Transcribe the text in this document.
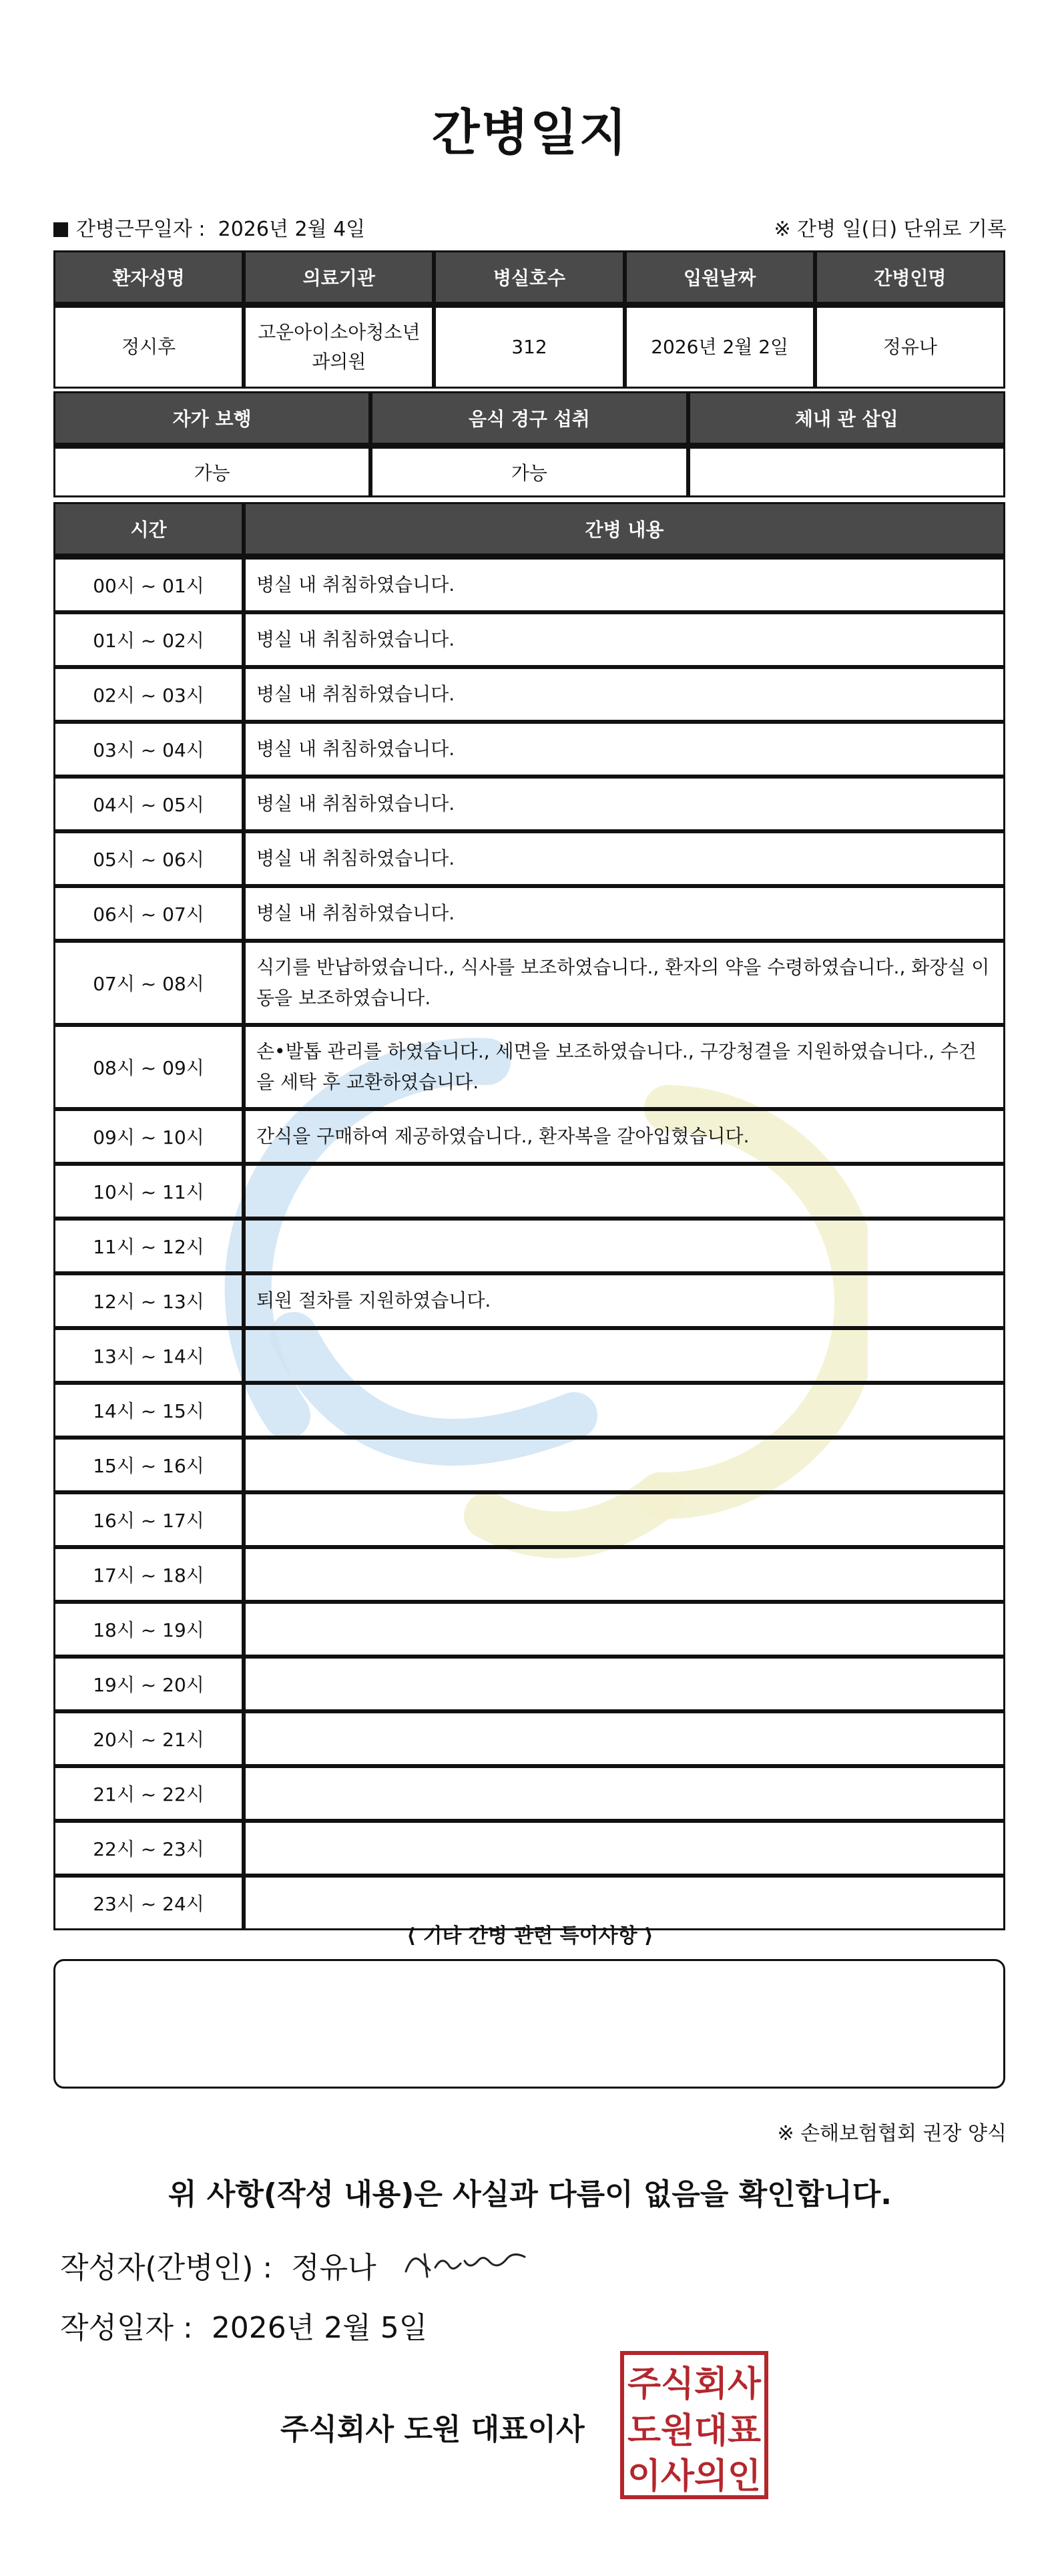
간병일지
간병근무일자 : 2026년 2월 4일	※ 간병 일(日) 단위로 기록
환자성명	의료기관	병실호수	입원날짜	간병인명
정시후	고운아이소아청소년과의원	312	2026년 2월 2일	정유나
자가 보행	음식 경구 섭취	체내 관 삽입
가능	가능	
시간	간병 내용
00시 ~ 01시	병실 내 취침하였습니다.
01시 ~ 02시	병실 내 취침하였습니다.
02시 ~ 03시	병실 내 취침하였습니다.
03시 ~ 04시	병실 내 취침하였습니다.
04시 ~ 05시	병실 내 취침하였습니다.
05시 ~ 06시	병실 내 취침하였습니다.
06시 ~ 07시	병실 내 취침하였습니다.
07시 ~ 08시	식기를 반납하였습니다., 식사를 보조하였습니다., 환자의 약을 수령하였습니다., 화장실 이동을 보조하였습니다.
08시 ~ 09시	손•발톱 관리를 하였습니다., 세면을 보조하였습니다., 구강청결을 지원하였습니다., 수건을 세탁 후 교환하였습니다.
09시 ~ 10시	간식을 구매하여 제공하였습니다., 환자복을 갈아입혔습니다.
10시 ~ 11시	
11시 ~ 12시	
12시 ~ 13시	퇴원 절차를 지원하였습니다.
13시 ~ 14시	
14시 ~ 15시	
15시 ~ 16시	
16시 ~ 17시	
17시 ~ 18시	
18시 ~ 19시	
19시 ~ 20시	
20시 ~ 21시	
21시 ~ 22시	
22시 ~ 23시	
23시 ~ 24시	
⟨ 기타 간병 관련 특이사항 ⟩
※ 손해보험협회 권장 양식
위 사항(작성 내용)은 사실과 다름이 없음을 확인합니다.
작성자(간병인) : 정유나
작성일자 : 2026년 2월 5일
주식회사 도원 대표이사
주식회사
도원대표
이사의인
